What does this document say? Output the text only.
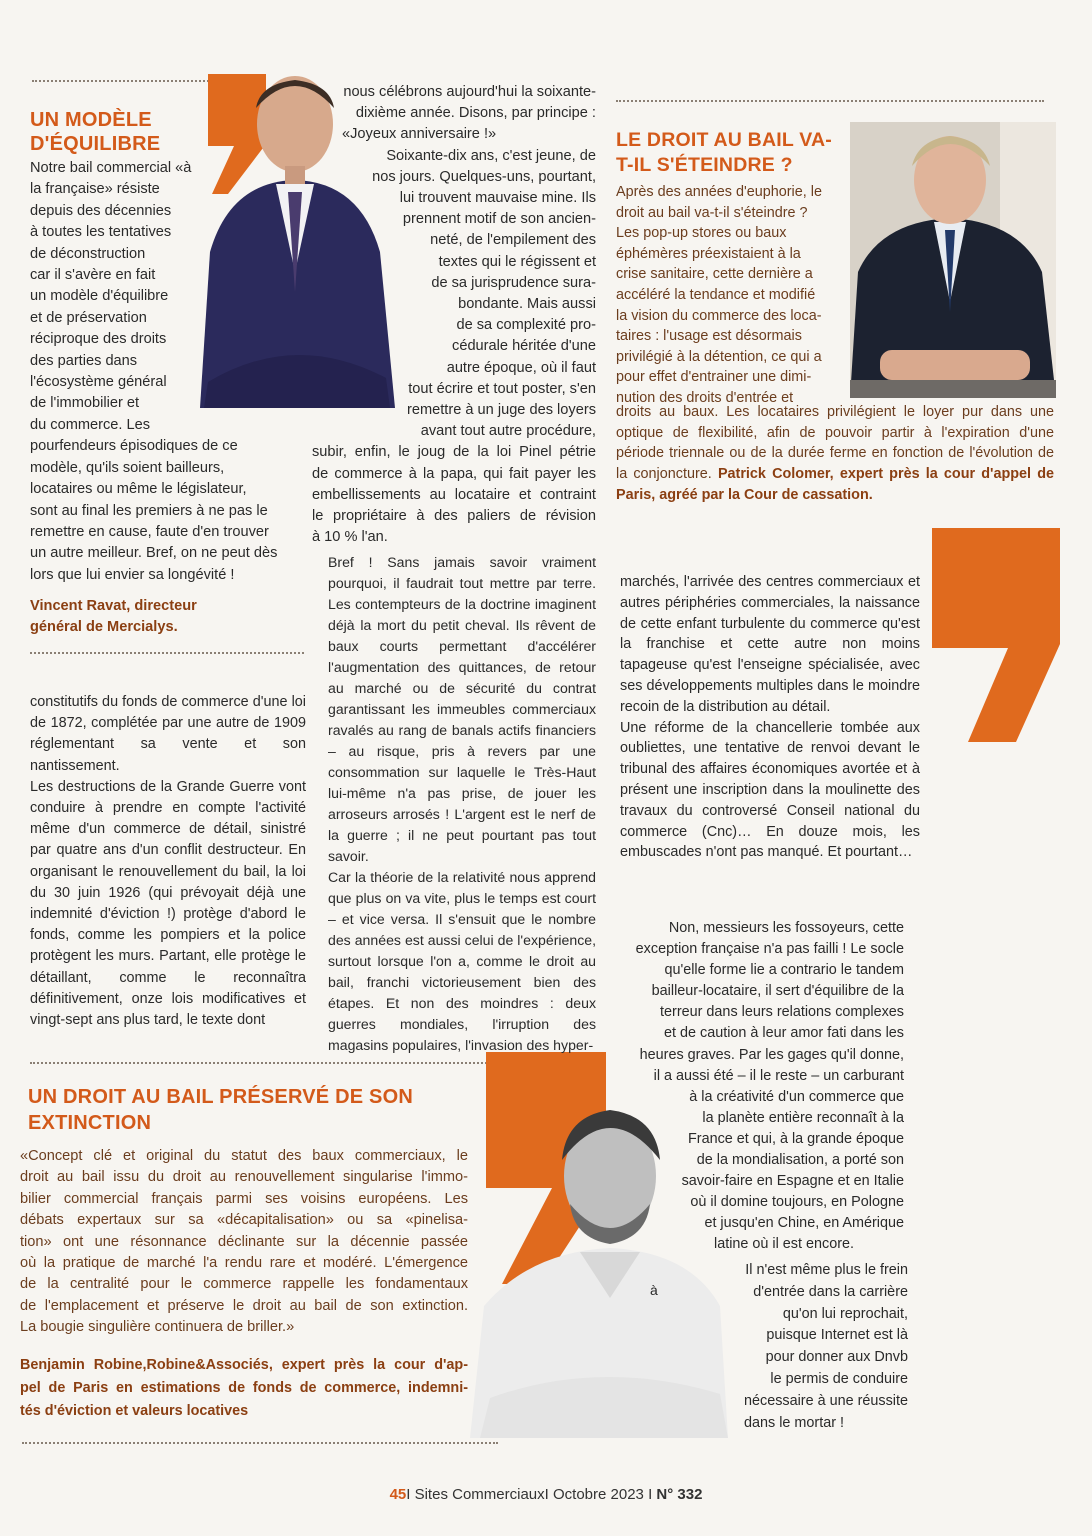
UN MODÈLE
D'ÉQUILIBRE
Notre bail commercial «à
la française» résiste
depuis des décennies
à toutes les tentatives
de déconstruction
car il s'avère en fait
un modèle d'équilibre
et de préservation
réciproque des droits
des parties dans
l'écosystème général
de l'immobilier et
du commerce. Les
pourfendeurs épisodiques de ce
modèle, qu'ils soient bailleurs,
locataires ou même le législateur,
sont au final les premiers à ne pas le
remettre en cause, faute d'en trouver
un autre meilleur. Bref, on ne peut dès
lors que lui envier sa longévité !
Vincent Ravat, directeur
général de Mercialys.
nous célébrons aujourd'hui la soixante-
dixième année. Disons, par principe :
«Joyeux anniversaire !»
Soixante-dix ans, c'est jeune, de
nos jours. Quelques-uns, pourtant,
lui trouvent mauvaise mine. Ils
prennent motif de son ancien-
neté, de l'empilement des
textes qui le régissent et
de sa jurisprudence sura-
bondante. Mais aussi
de sa complexité pro-
cédurale héritée d'une
autre époque, où il faut
tout écrire et tout poster, s'en
remettre à un juge des loyers
avant tout autre procédure,
subir, enfin, le joug de la loi Pinel pétrie
de commerce à la papa, qui fait payer les
embellissements au locataire et contraint
le propriétaire à des paliers de révision
à 10 % l'an.

Bref ! Sans jamais savoir vraiment pourquoi, il faudrait tout mettre par terre. Les contempteurs de la doctrine imaginent déjà la mort du petit cheval. Ils rêvent de baux courts permettant d'accélérer l'augmentation des quittances, de retour au marché ou de sécurité du contrat garantissant les immeubles commerciaux ravalés au rang de banals actifs financiers – au risque, pris à revers par une consommation sur laquelle le Très-Haut lui-même n'a pas prise, de jouer les arroseurs arrosés ! L'argent est le nerf de la guerre ; il ne peut pourtant pas tout savoir.

Car la théorie de la relativité nous apprend que plus on va vite, plus le temps est court – et vice versa. Il s'ensuit que le nombre des années est aussi celui de l'expérience, surtout lorsque l'on a, comme le droit au bail, franchi victorieusement bien des étapes. Et non des moindres : deux guerres mondiales, l'irruption des magasins populaires, l'invasion des hyper-

constitutifs du fonds de commerce d'une loi de 1872, complétée par une autre de 1909 réglementant sa vente et son nantissement.

Les destructions de la Grande Guerre vont conduire à prendre en compte l'activité même d'un commerce de détail, sinistré par quatre ans d'un conflit destructeur. En organisant le renouvellement du bail, la loi du 30 juin 1926 (qui prévoyait déjà une indemnité d'éviction !) protège d'abord le fonds, comme les pompiers et la police protègent les murs. Partant, elle protège le détaillant, comme le reconnaîtra définitivement, onze lois modificatives et vingt-sept ans plus tard, le texte dont

LE DROIT AU BAIL VA-
T-IL S'ÉTEINDRE ?
Après des années d'euphorie, le
droit au bail va-t-il s'éteindre ?
Les pop-up stores ou baux
éphémères préexistaient à la
crise sanitaire, cette dernière a
accéléré la tendance et modifié
la vision du commerce des loca-
taires : l'usage est désormais
privilégié à la détention, ce qui a
pour effet d'entrainer une dimi-
nution des droits d'entrée et
droits au baux. Les locataires privilégient le loyer pur dans une optique de flexibilité, afin de pouvoir partir à l'expiration d'une période triennale ou de la durée ferme en fonction de l'évolution de la conjoncture. Patrick Colomer, expert près la cour d'appel de Paris, agréé par la Cour de cassation.

marchés, l'arrivée des centres commerciaux et autres périphéries commerciales, la naissance de cette enfant turbulente du commerce qu'est la franchise et cette autre non moins tapageuse qu'est l'enseigne spécialisée, avec ses développements multiples dans le moindre recoin de la distribution au détail.

Une réforme de la chancellerie tombée aux oubliettes, une tentative de renvoi devant le tribunal des affaires économiques avortée et à présent une inscription dans la moulinette des travaux du controversé Conseil national du commerce (Cnc)… En douze mois, les embuscades n'ont pas manqué. Et pourtant…

Non, messieurs les fossoyeurs, cette
exception française n'a pas failli ! Le socle
qu'elle forme lie a contrario le tandem
bailleur-locataire, il sert d'équilibre de la
terreur dans leurs relations complexes
et de caution à leur amor fati dans les
heures graves. Par les gages qu'il donne,
il a aussi été – il le reste – un carburant
à la créativité d'un commerce que
la planète entière reconnaît à la
France et qui, à la grande époque
de la mondialisation, a porté son
savoir-faire en Espagne et en Italie
où il domine toujours, en Pologne
et jusqu'en Chine, en Amérique
latine où il est encore.
Il n'est même plus le frein
d'entrée dans la carrière
qu'on lui reprochait,
puisque Internet est là
pour donner aux Dnvb
le permis de conduire
nécessaire à une réussite
dans le mortar !
à
UN DROIT AU BAIL PRÉSERVÉ DE SON
EXTINCTION
«Concept clé et original du statut des baux commerciaux, le
droit au bail issu du droit au renouvellement singularise l'immo-
bilier commercial français parmi ses voisins européens. Les
débats expertaux sur sa «décapitalisation» ou sa «pinelisa-
tion» ont une résonnance déclinante sur la décennie passée
où la pratique de marché l'a rendu rare et modéré. L'émergence
de la centralité pour le commerce rappelle les fondamentaux
de l'emplacement et préserve le droit au bail de son extinction.
La bougie singulière continuera de briller.»
Benjamin Robine,Robine&Associés, expert près la cour d'ap-
pel de Paris en estimations de fonds de commerce, indemni-
tés d'éviction et valeurs locatives
45I Sites CommerciauxI Octobre 2023 I N° 332
